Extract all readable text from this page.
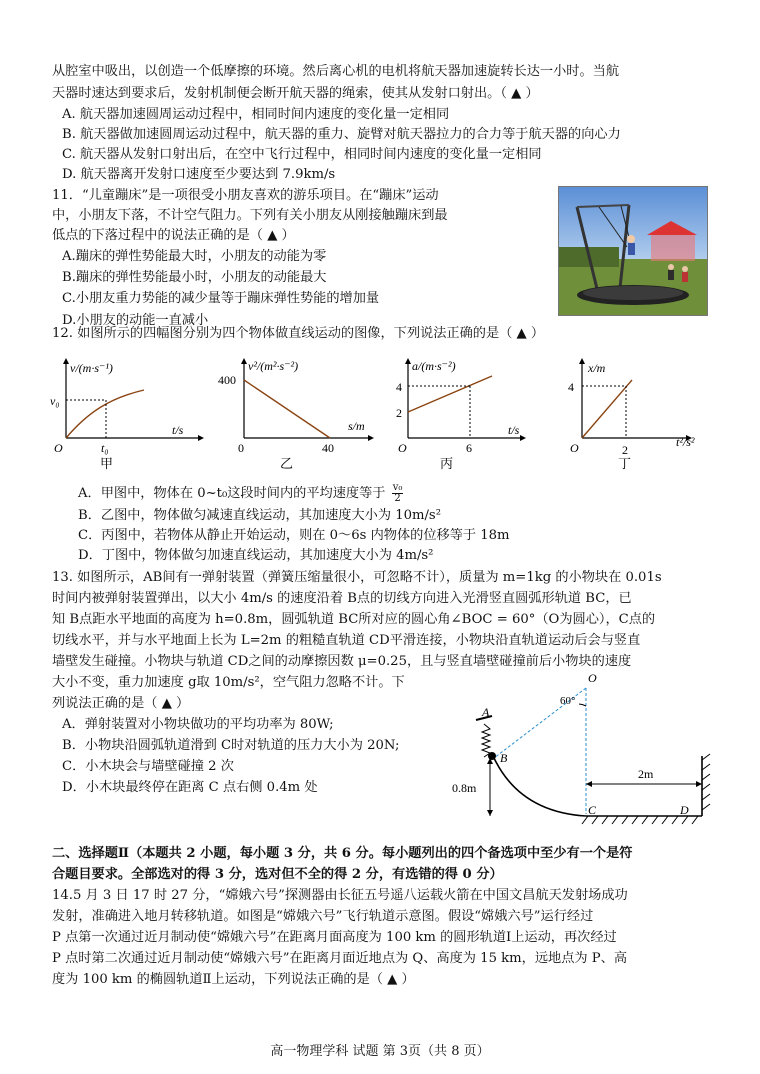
从腔室中吸出，以创造一个低摩擦的环境。然后离心机的电机将航天器加速旋转长达一小时。当航
天器时速达到要求后，发射机制便会断开航天器的绳索，使其从发射口射出。（ ▲ ）
A. 航天器加速圆周运动过程中，相同时间内速度的变化量一定相同
B. 航天器做加速圆周运动过程中，航天器的重力、旋臂对航天器拉力的合力等于航天器的向心力
C. 航天器从发射口射出后，在空中飞行过程中，相同时间内速度的变化量一定相同
D. 航天器离开发射口速度至少要达到 7.9km/s
11．“儿童蹦床”是一项很受小朋友喜欢的游乐项目。在“蹦床”运动
中，小朋友下落，不计空气阻力。下列有关小朋友从刚接触蹦床到最
低点的下落过程中的说法正确的是（ ▲ ）
A.蹦床的弹性势能最大时，小朋友的动能为零
B.蹦床的弹性势能最小时，小朋友的动能最大
C.小朋友重力势能的减少量等于蹦床弹性势能的增加量
D.小朋友的动能一直减小
12. 如图所示的四幅图分别为四个物体做直线运动的图像，下列说法正确的是（ ▲ ）
v/(m·s⁻¹)
v₀
t₀
t/s
O
甲
v²/(m²·s⁻²)
400
40
s/m
0
乙
a/(m·s⁻²)
4
2
6
t/s
O
丙
x/m
4
2
t²/s²
O
丁
A．甲图中，物体在 0~t₀这段时间内的平均速度等于 $\frac{\text{v₀}}{2}$
B．乙图中，物体做匀减速直线运动，其加速度大小为 10m/s²
C．丙图中，若物体从静止开始运动，则在 0～6s 内物体的位移等于 18m
D．丁图中，物体做匀加速直线运动，其加速度大小为 4m/s²
13. 如图所示，AB间有一弹射装置（弹簧压缩量很小，可忽略不计），质量为 m=1kg 的小物块在 0.01s
时间内被弹射装置弹出，以大小 4m/s 的速度沿着 B点的切线方向进入光滑竖直圆弧形轨道 BC，已
知 B点距水平地面的高度为 h=0.8m，圆弧轨道 BC所对应的圆心角∠BOC = 60°（O为圆心），C点的
切线水平，并与水平地面上长为 L=2m 的粗糙直轨道 CD平滑连接，小物块沿直轨道运动后会与竖直
墙壁发生碰撞。小物块与轨道 CD之间的动摩擦因数 μ=0.25，且与竖直墙壁碰撞前后小物块的速度
大小不变，重力加速度 g取 10m/s²，空气阻力忽略不计。下
列说法正确的是（ ▲ ）
A．弹射装置对小物块做功的平均功率为 80W;
B．小物块沿圆弧轨道滑到 C时对轨道的压力大小为 20N;
C．小木块会与墙壁碰撞 2 次
D．小木块最终停在距离 C 点右侧 0.4m 处
O
60°
A
B
0.8m
C	D
2m
二、选择题Ⅱ（本题共 2 小题，每小题 3 分，共 6 分。每小题列出的四个备选项中至少有一个是符
合题目要求。全部选对的得 3 分，选对但不全的得 2 分，有选错的得 0 分）
14.5 月 3 日 17 时 27 分，“嫦娥六号”探测器由长征五号遥八运载火箭在中国文昌航天发射场成功
发射，准确进入地月转移轨道。如图是“嫦娥六号”飞行轨道示意图。假设“嫦娥六号”运行经过
P 点第一次通过近月制动使“嫦娥六号”在距离月面高度为 100 km 的圆形轨道Ⅰ上运动，再次经过
P 点时第二次通过近月制动使“嫦娥六号”在距离月面近地点为 Q、高度为 15 km，远地点为 P、高
度为 100 km 的椭圆轨道Ⅱ上运动，下列说法正确的是（ ▲ ）
高一物理学科 试题 第 3页（共 8 页）
